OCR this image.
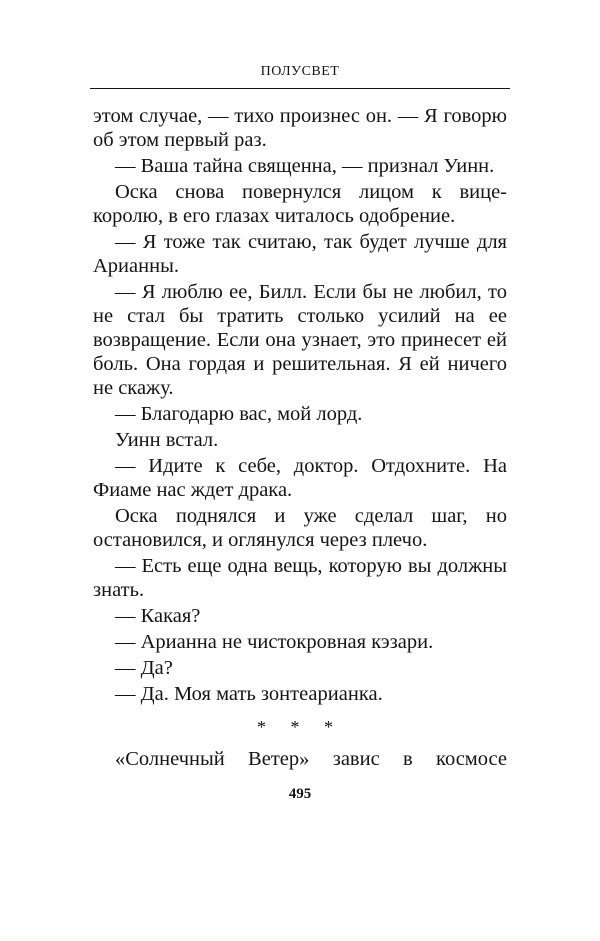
ПОЛУСВЕТ

этом случае, — тихо произнес он. — Я говорю об этом первый раз.

— Ваша тайна священна, — признал Уинн.

Оска снова повернулся лицом к вице-королю, в его глазах читалось одобрение.

— Я тоже так считаю, так будет лучше для Арианны.

— Я люблю ее, Билл. Если бы не любил, то не стал бы тратить столько усилий на ее возвращение. Если она узнает, это принесет ей боль. Она гордая и решительная. Я ей ничего не скажу.

— Благодарю вас, мой лорд.

Уинн встал.

— Идите к себе, доктор. Отдохните. На Фиаме нас ждет драка.

Оска поднялся и уже сделал шаг, но остановился, и оглянулся через плечо.

— Есть еще одна вещь, которую вы должны знать.

— Какая?

— Арианна не чистокровная кэзари.

— Да?

— Да. Моя мать зонтеарианка.

* * *
«Солнечный Ветер» завис в космосе
495
